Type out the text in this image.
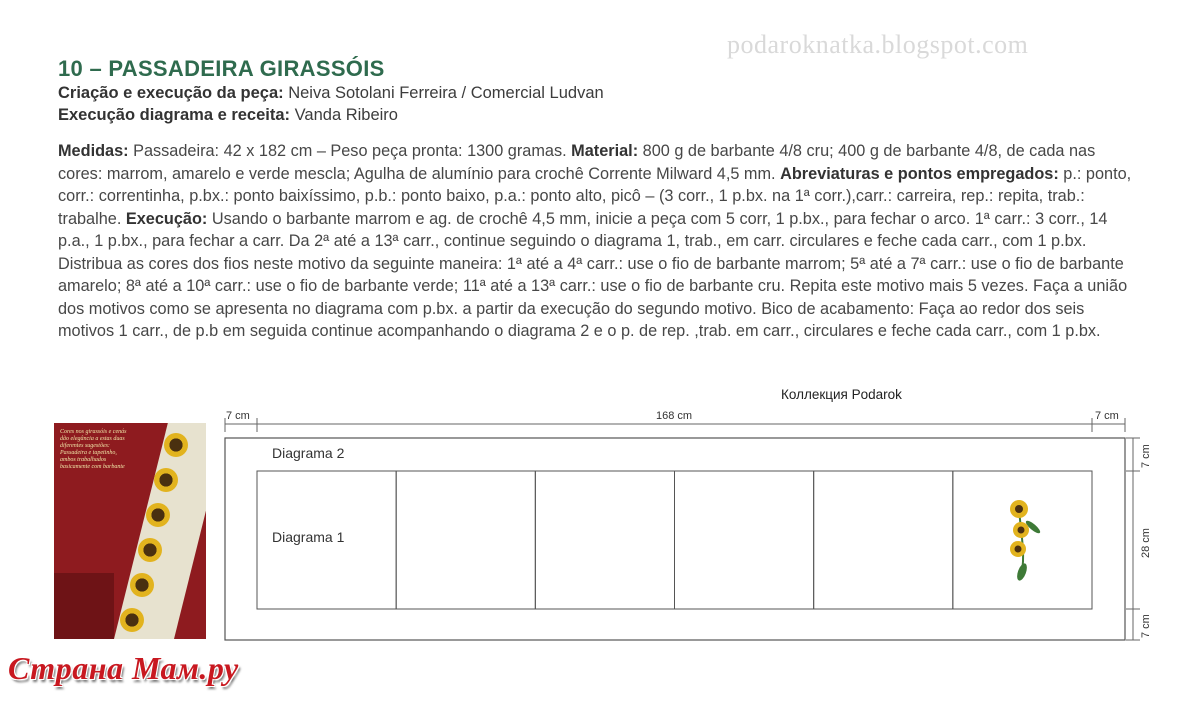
podaroknatka.blogspot.com
10 – PASSADEIRA GIRASSÓIS
Criação e execução da peça: Neiva Sotolani Ferreira / Comercial Ludvan
Execução diagrama e receita: Vanda Ribeiro
Medidas: Passadeira: 42 x 182 cm – Peso peça pronta: 1300 gramas. Material: 800 g de barbante 4/8 cru; 400 g de barbante 4/8, de cada nas cores: marrom, amarelo e verde mescla; Agulha de alumínio para crochê Corrente Milward 4,5 mm. Abreviaturas e pontos empregados: p.: ponto, corr.: correntinha, p.bx.: ponto baixíssimo, p.b.: ponto baixo, p.a.: ponto alto, picô – (3 corr., 1 p.bx. na 1ª corr.),carr.: carreira, rep.: repita, trab.: trabalhe. Execução: Usando o barbante marrom e ag. de crochê 4,5 mm, inicie a peça com 5 corr, 1 p.bx., para fechar o arco. 1ª carr.: 3 corr., 14 p.a., 1 p.bx., para fechar a carr. Da 2ª até a 13ª carr., continue seguindo o diagrama 1, trab., em carr. circulares e feche cada carr., com 1 p.bx. Distribua as cores dos fios neste motivo da seguinte maneira: 1ª até a 4ª carr.: use o fio de barbante marrom; 5ª até a 7ª carr.: use o fio de barbante amarelo; 8ª até a 10ª carr.: use o fio de barbante verde; 11ª até a 13ª carr.: use o fio de barbante cru. Repita este motivo mais 5 vezes. Faça a união dos motivos como se apresenta no diagrama com p.bx. a partir da execução do segundo motivo. Bico de acabamento: Faça ao redor dos seis motivos 1 carr., de p.b em seguida continue acompanhando o diagrama 2 e o p. de rep. ,trab. em carr., circulares e feche cada carr., com 1 p.bx.
Коллекция Podarok
Cores nos girassóis e cenás dão elegância a estas duas diferentes sugestões: Passadeira e tapetinho, ambos trabalhados basicamente com barbante
7 cm	168 cm	7 cm
Diagrama 2
Diagrama 1
7 cm
28 cm
7 cm
Страна Мам.ру
